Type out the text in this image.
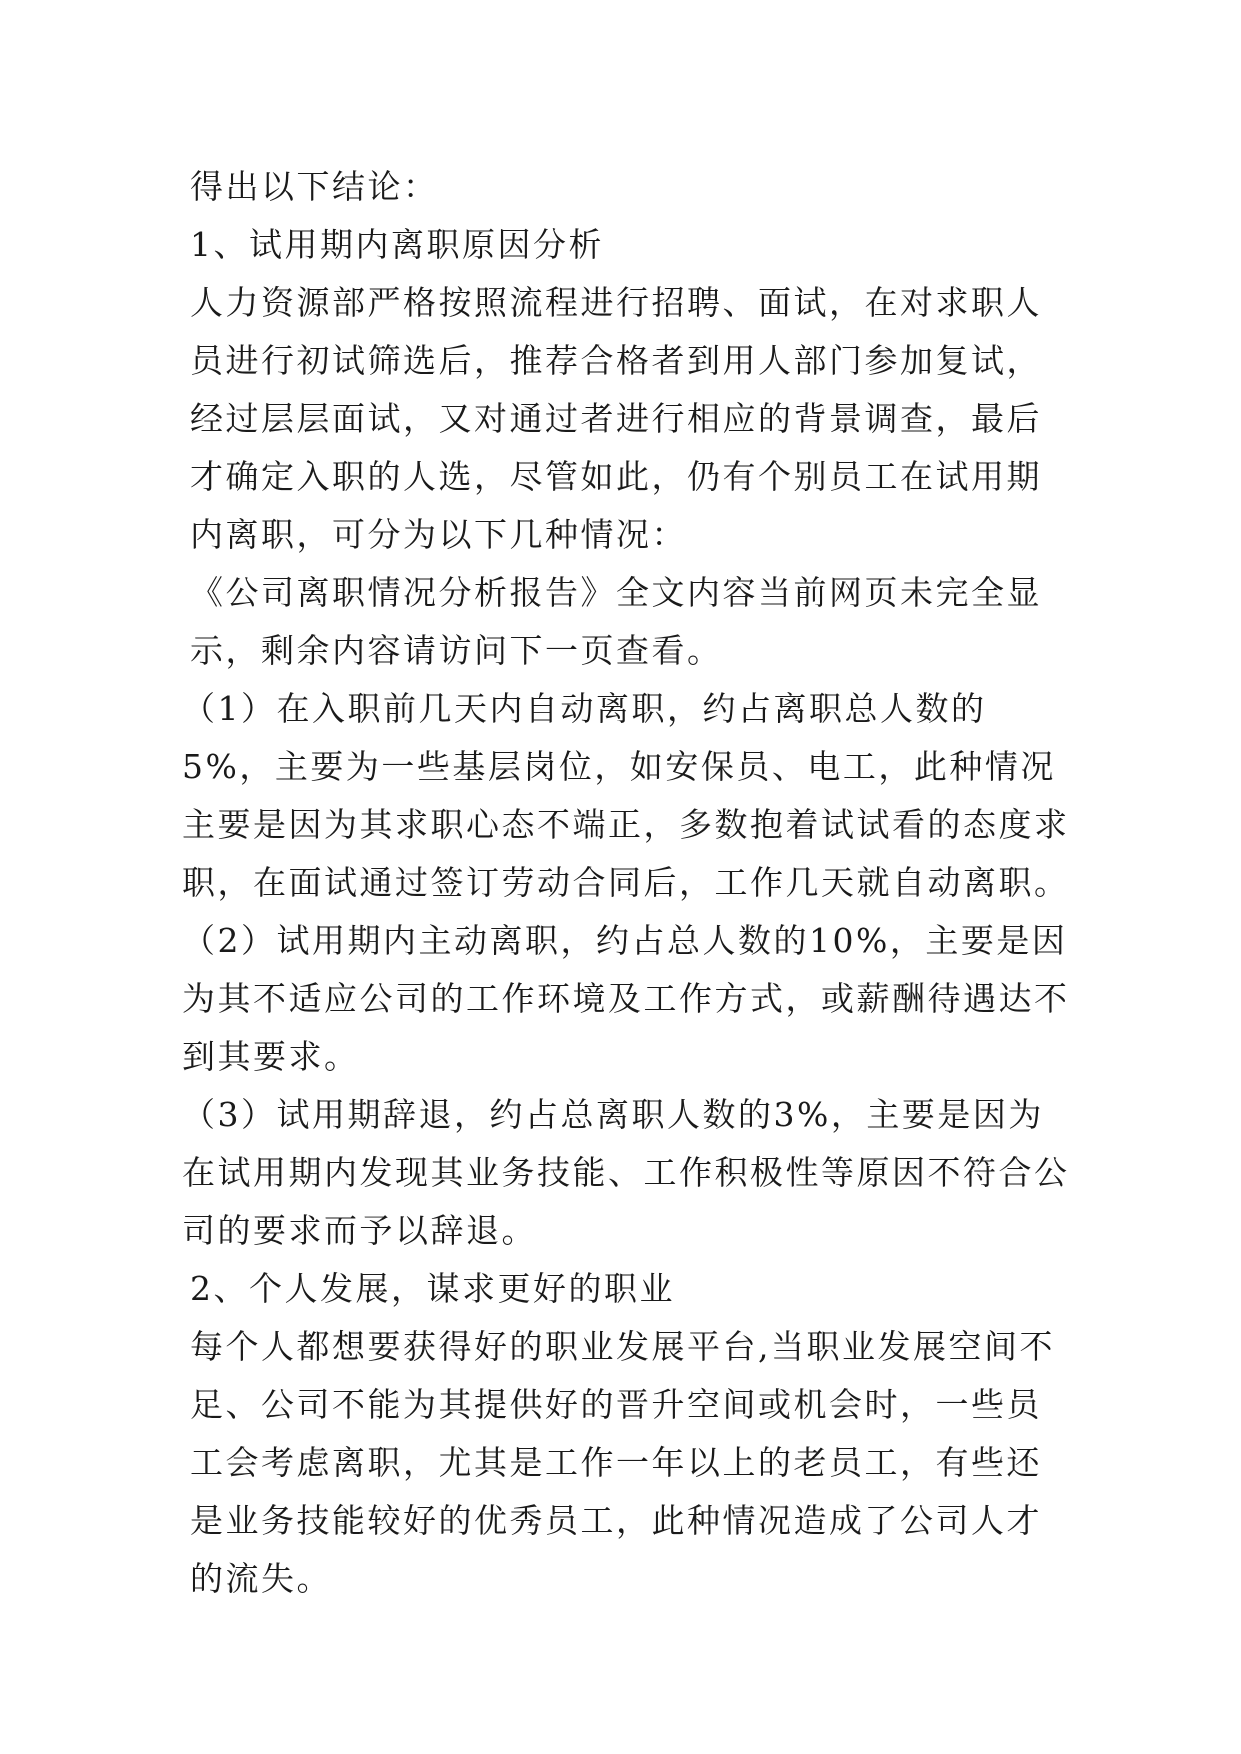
得出以下结论：

1、试用期内离职原因分析

人力资源部严格按照流程进行招聘、面试，在对求职人员进行初试筛选后，推荐合格者到用人部门参加复试，经过层层面试，又对通过者进行相应的背景调查，最后才确定入职的人选，尽管如此，仍有个别员工在试用期内离职，可分为以下几种情况：

《公司离职情况分析报告》全文内容当前网页未完全显示，剩余内容请访问下一页查看。

（1）在入职前几天内自动离职，约占离职总人数的5%，主要为一些基层岗位，如安保员、电工，此种情况主要是因为其求职心态不端正，多数抱着试试看的态度求职，在面试通过签订劳动合同后，工作几天就自动离职。

（2）试用期内主动离职，约占总人数的10%，主要是因为其不适应公司的工作环境及工作方式，或薪酬待遇达不到其要求。

（3）试用期辞退，约占总离职人数的3%，主要是因为在试用期内发现其业务技能、工作积极性等原因不符合公司的要求而予以辞退。

2、个人发展，谋求更好的职业

每个人都想要获得好的职业发展平台,当职业发展空间不足、公司不能为其提供好的晋升空间或机会时，一些员工会考虑离职，尤其是工作一年以上的老员工，有些还是业务技能较好的优秀员工，此种情况造成了公司人才的流失。
